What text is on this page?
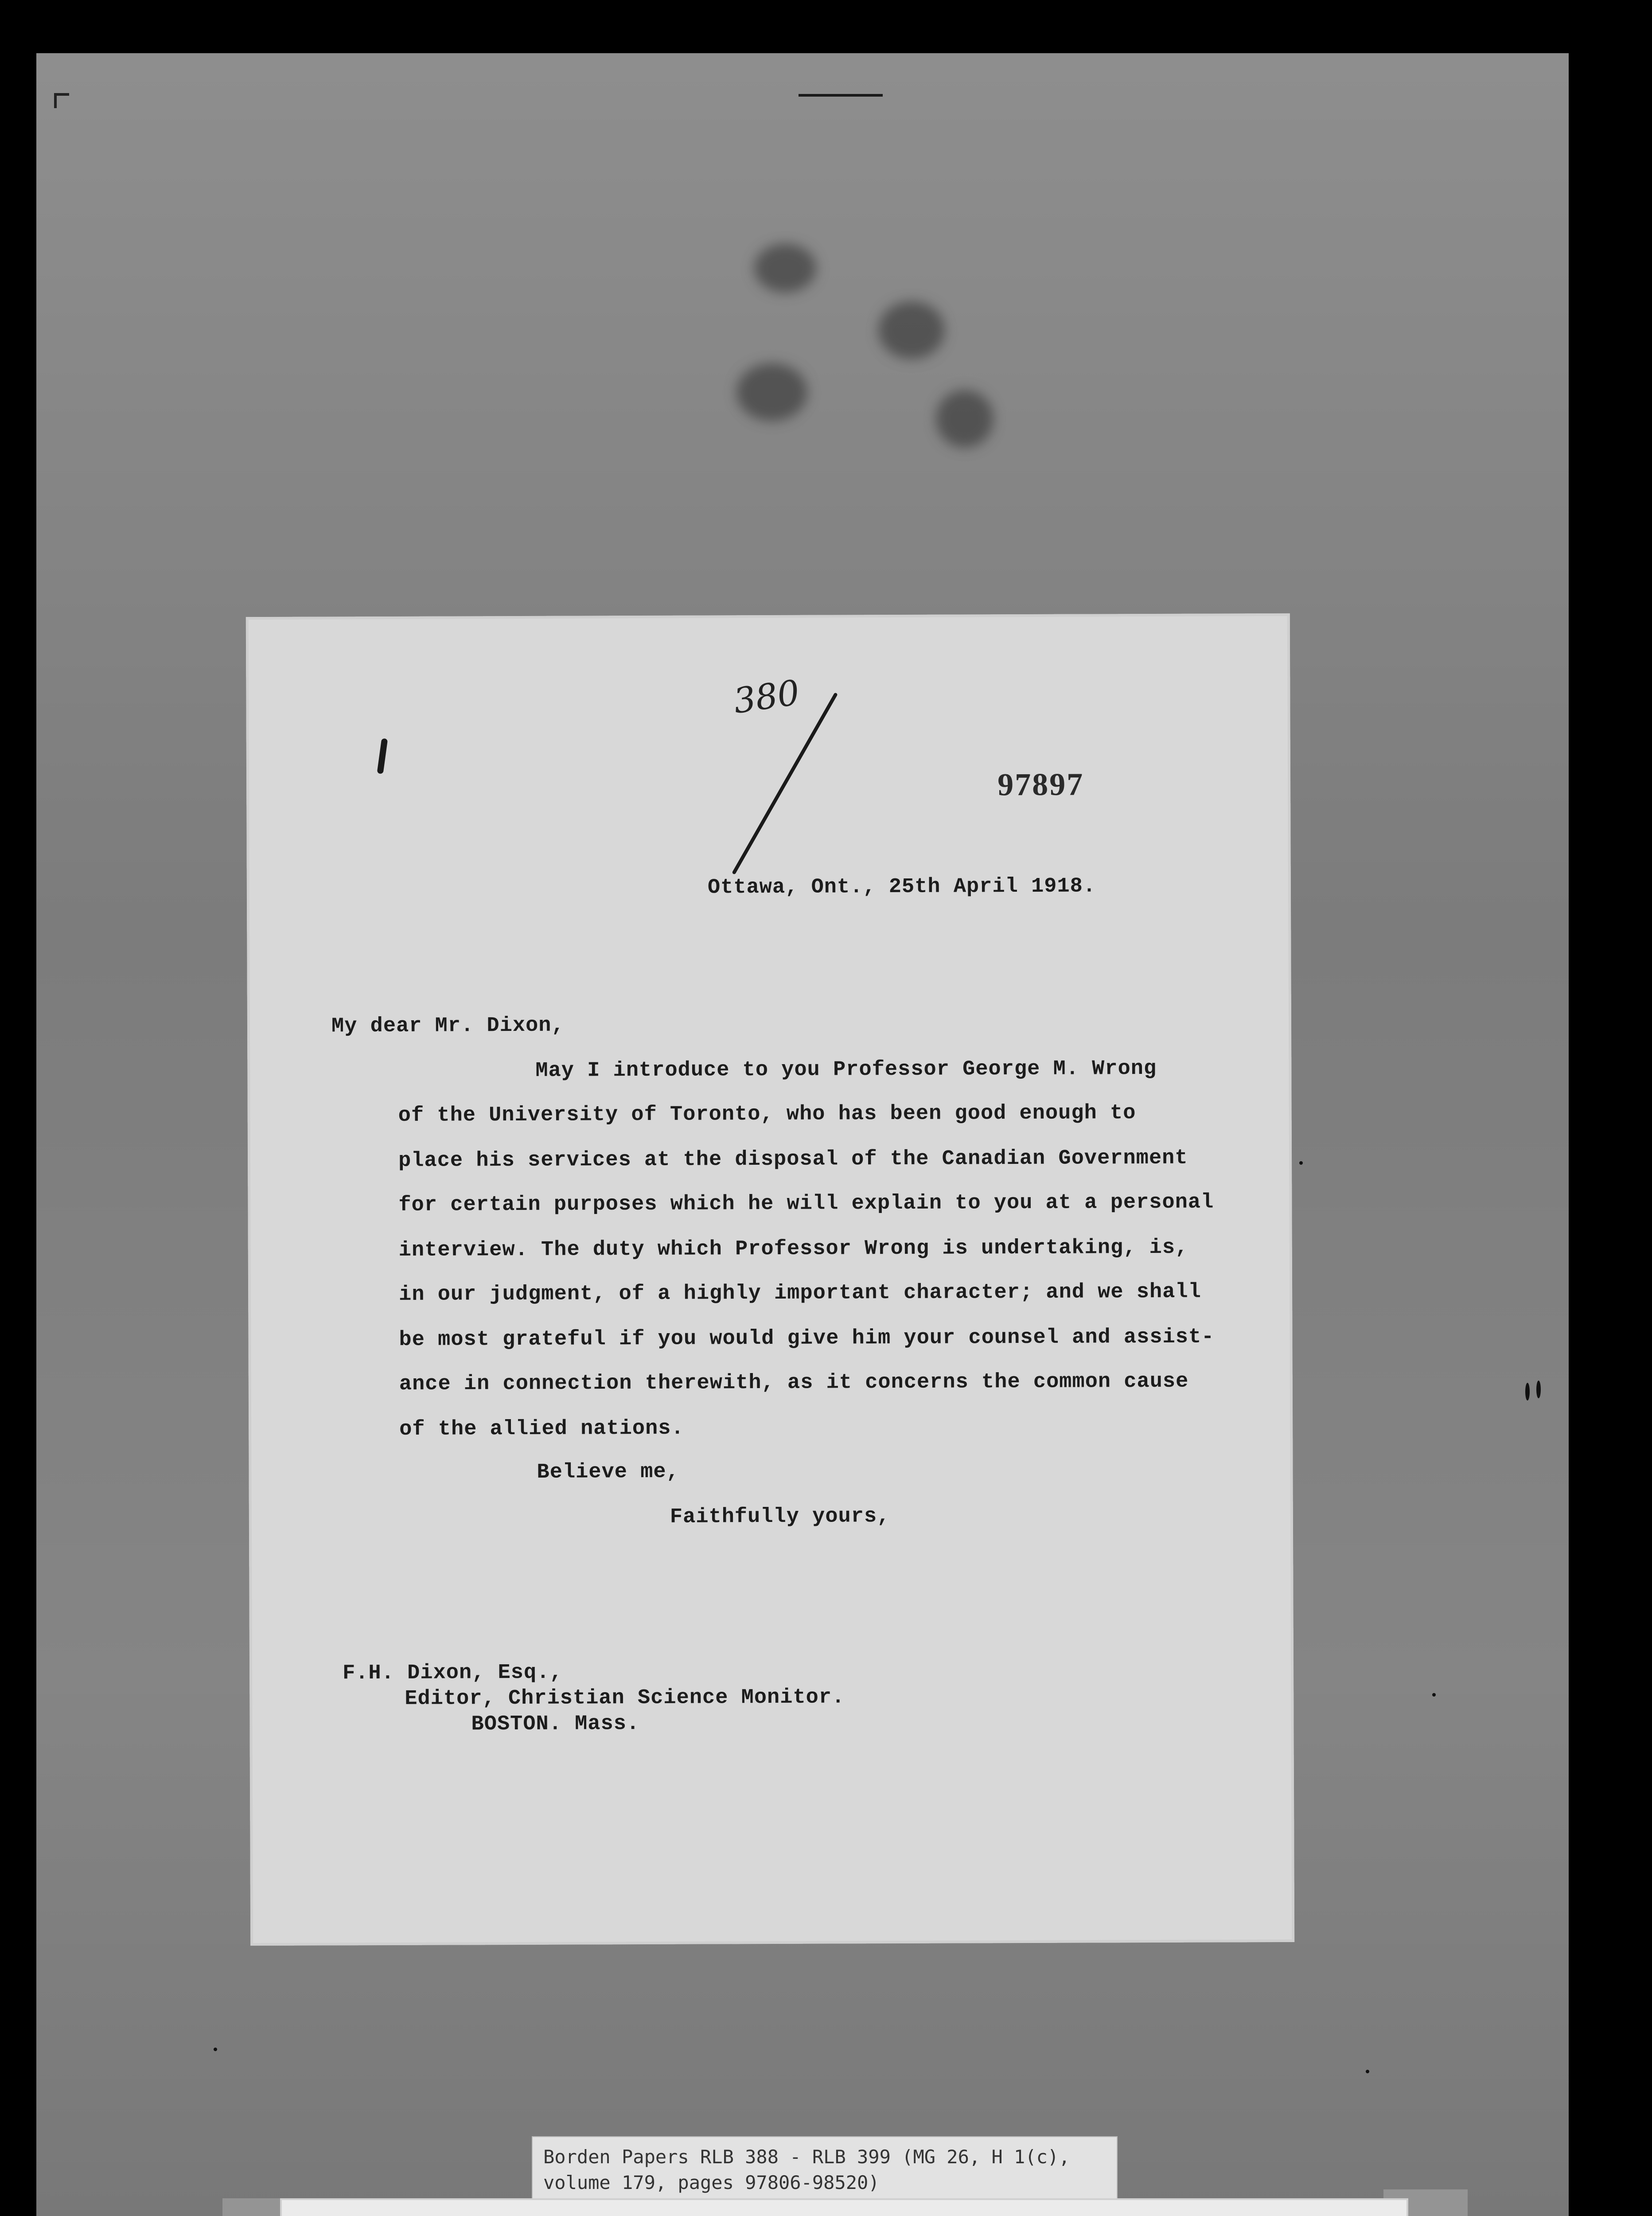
380
97897
Ottawa, Ont., 25th April 1918.
My dear Mr. Dixon,
May I introduce to you Professor George M. Wrong
of the University of Toronto, who has been good enough to
place his services at the disposal of the Canadian Government
for certain purposes which he will explain to you at a personal
interview. The duty which Professor Wrong is undertaking, is,
in our judgment, of a highly important character; and we shall
be most grateful if you would give him your counsel and assist-
ance in connection therewith, as it concerns the common cause
of the allied nations.
Believe me,
Faithfully yours,
F.H. Dixon, Esq.,
Editor, Christian Science Monitor.
BOSTON. Mass.
Borden Papers RLB 388 - RLB 399 (MG 26, H 1(c),
volume 179, pages 97806-98520)
